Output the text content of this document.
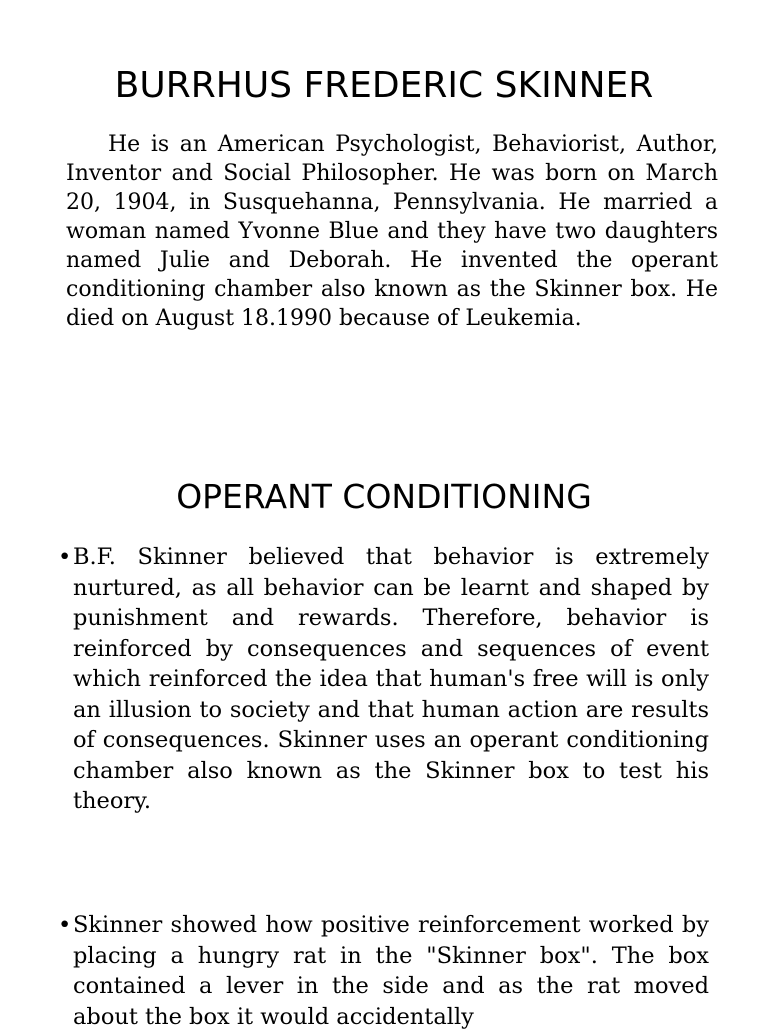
BURRHUS FREDERIC SKINNER

He is an American Psychologist, Behaviorist, Author, Inventor and Social Philosopher. He was born on March 20, 1904, in Susquehanna, Pennsylvania. He married a woman named Yvonne Blue and they have two daughters named Julie and Deborah. He invented the operant conditioning chamber also known as the Skinner box. He died on August 18.1990 because of Leukemia.

OPERANT CONDITIONING
• B.F. Skinner believed that behavior is extremely nurtured, as all behavior can be learnt and shaped by punishment and rewards. Therefore, behavior is reinforced by consequences and sequences of event which reinforced the idea that human's free will is only an illusion to society and that human action are results of consequences. Skinner uses an operant conditioning chamber also known as the Skinner box to test his theory.
• Skinner showed how positive reinforcement worked by placing a hungry rat in the "Skinner box". The box contained a lever in the side and as the rat moved about the box it would accidentally
